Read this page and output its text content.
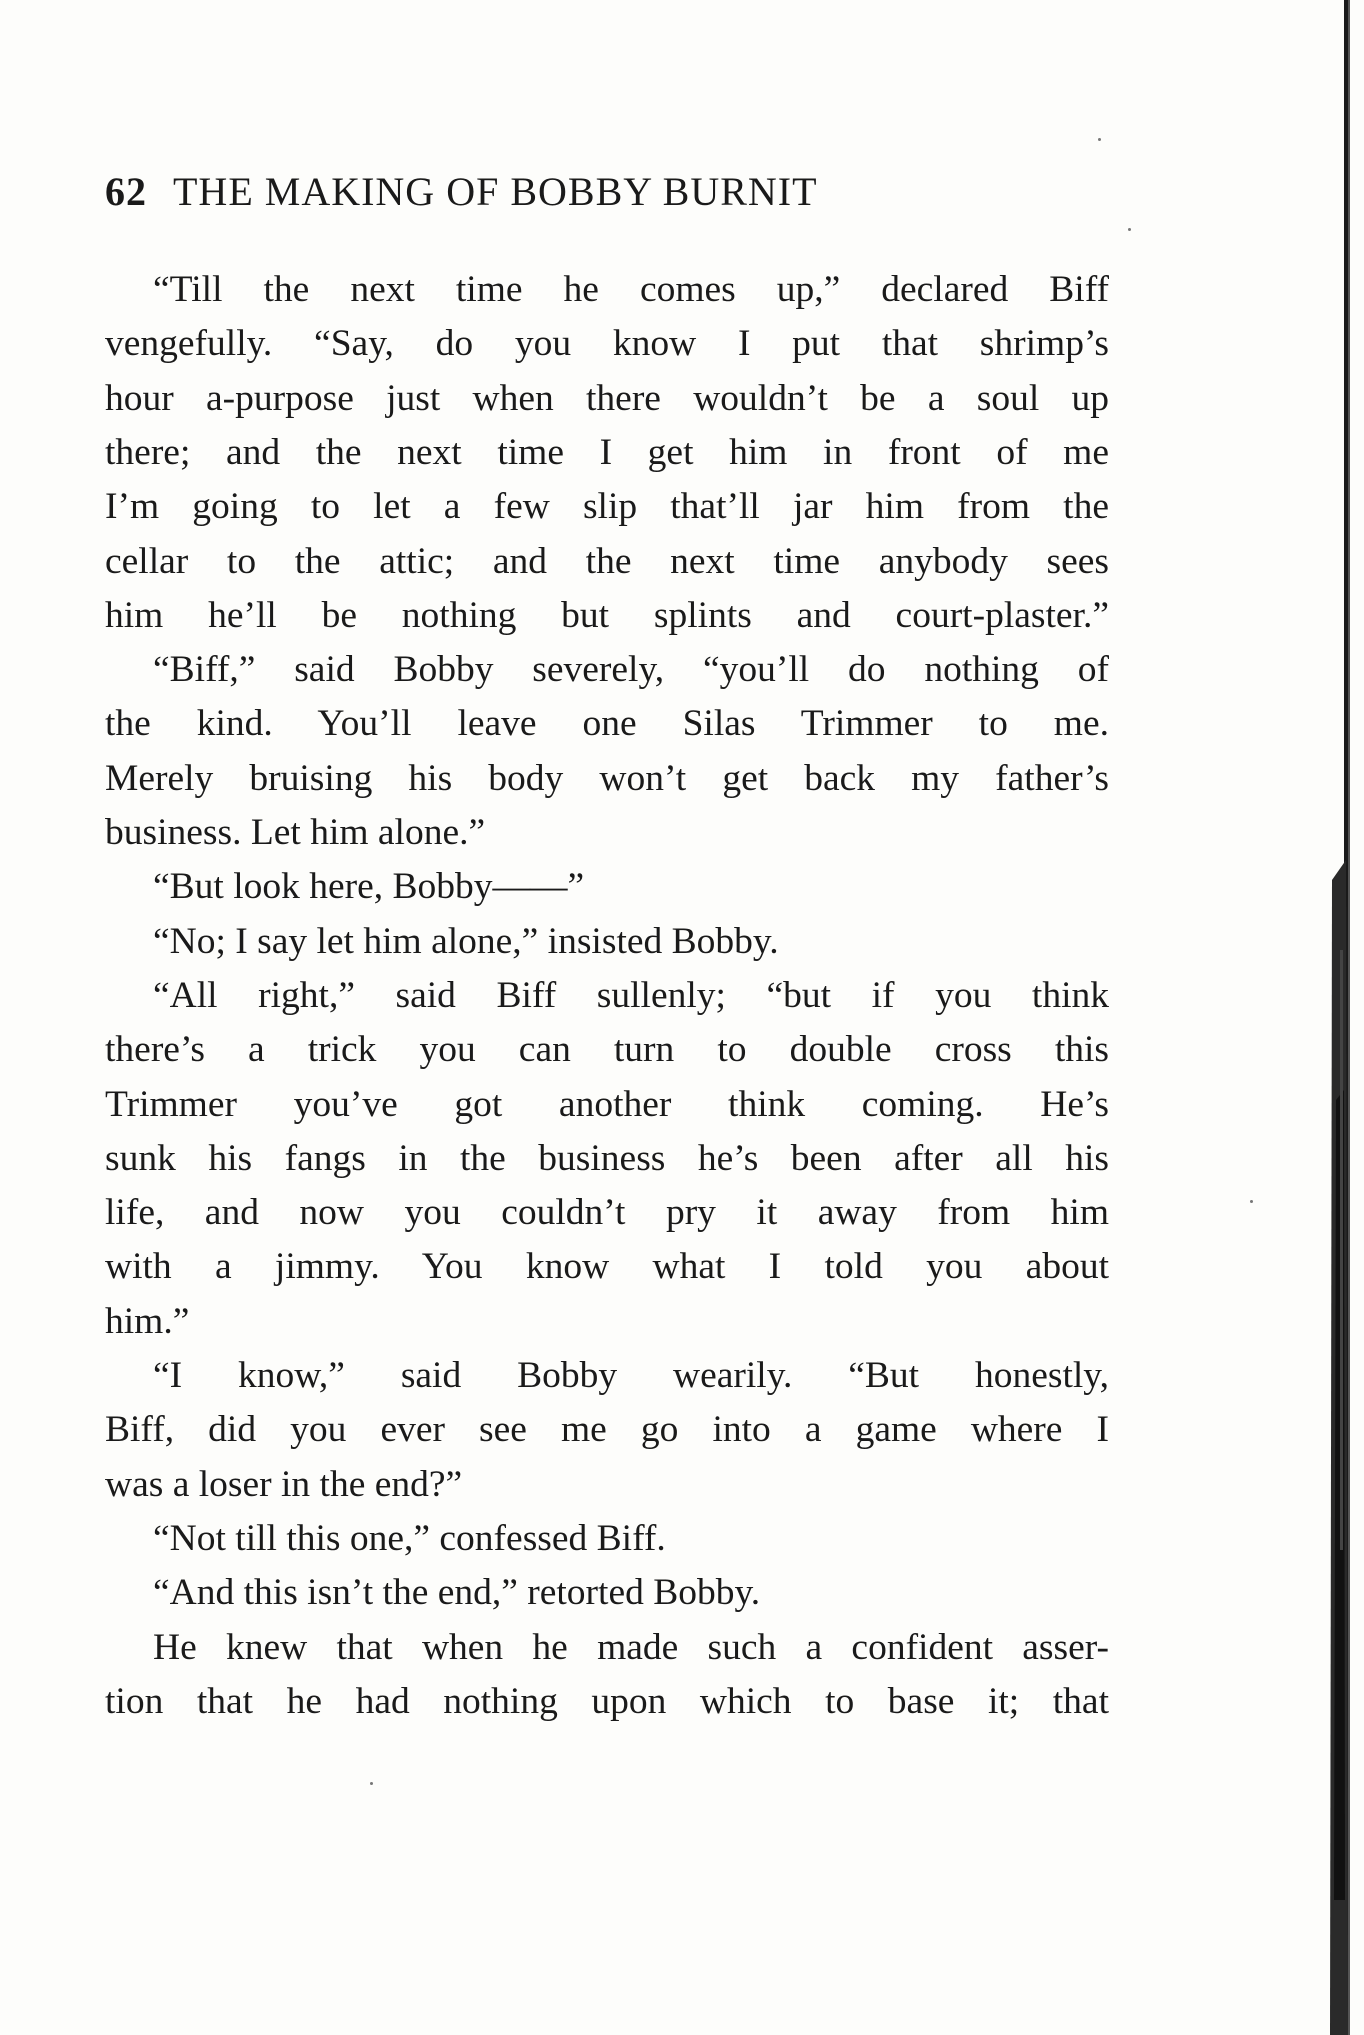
62 THE MAKING OF BOBBY BURNIT
“Till the next time he comes up,” declared Biff
vengefully. “Say, do you know I put that shrimp’s
hour a-purpose just when there wouldn’t be a soul up
there; and the next time I get him in front of me
I’m going to let a few slip that’ll jar him from the
cellar to the attic; and the next time anybody sees
him he’ll be nothing but splints and court-plaster.”
“Biff,” said Bobby severely, “you’ll do nothing of
the kind. You’ll leave one Silas Trimmer to me.
Merely bruising his body won’t get back my father’s
business. Let him alone.”
“But look here, Bobby——”
“No; I say let him alone,” insisted Bobby.
“All right,” said Biff sullenly; “but if you think
there’s a trick you can turn to double cross this
Trimmer you’ve got another think coming. He’s
sunk his fangs in the business he’s been after all his
life, and now you couldn’t pry it away from him
with a jimmy. You know what I told you about
him.”
“I know,” said Bobby wearily. “But honestly,
Biff, did you ever see me go into a game where I
was a loser in the end?”
“Not till this one,” confessed Biff.
“And this isn’t the end,” retorted Bobby.
He knew that when he made such a confident asser-
tion that he had nothing upon which to base it; that
